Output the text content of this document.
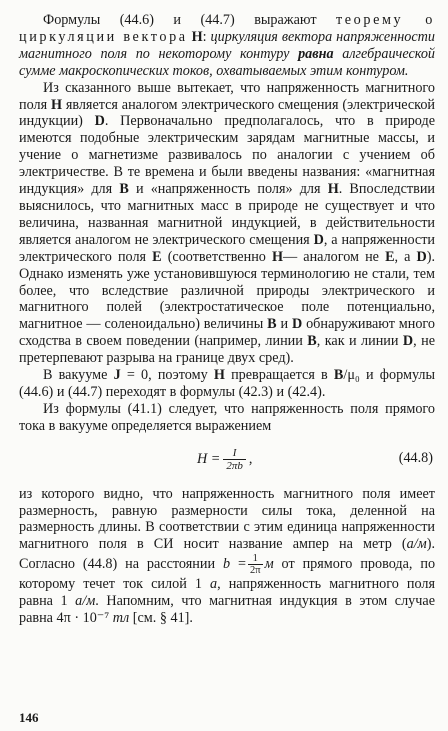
Формулы (44.6) и (44.7) выражают теорему о циркуляции вектора H: циркуляция вектора напряженности магнитного поля по некоторому контуру равна алгебраической сумме макроскопических токов, охватываемых этим контуром.

Из сказанного выше вытекает, что напряженность магнитного поля H является аналогом электрического смещения (электрической индукции) D. Первоначально предполагалось, что в природе имеются подобные электрическим зарядам магнитные массы, и учение о магнетизме развивалось по аналогии с учением об электричестве. В те времена и были введены названия: «магнитная индукция» для B и «напряженность поля» для H. Впоследствии выяснилось, что магнитных масс в природе не существует и что величина, названная магнитной индукцией, в действительности является аналогом не электрического смещения D, а напряженности электрического поля E (соответственно H— аналогом не E, а D). Однако изменять уже установившуюся терминологию не стали, тем более, что вследствие различной природы электрического и магнитного полей (электростатическое поле потенциально, магнитное — соленоидально) величины B и D обнаруживают много сходства в своем поведении (например, линии B, как и линии D, не претерпевают разрыва на границе двух сред).

В вакууме J = 0, поэтому H превращается в B/μ₀ и формулы (44.6) и (44.7) переходят в формулы (42.3) и (42.4).

Из формулы (41.1) следует, что напряженность поля прямого тока в вакууме определяется выражением

$H = \frac{I}{2\pi b}$ ,	(44.8)

из которого видно, что напряженность магнитного поля имеет размерность, равную размерности силы тока, деленной на размерность длины. В соответствии с этим единица напряженности магнитного поля в СИ носит название ампер на метр (а/м). Согласно (44.8) на расстоянии $b = \frac{1}{2\pi}$ м от прямого провода, по которому течет ток силой 1 а, напряженность магнитного поля равна 1 а/м. Напомним, что магнитная индукция в этом случае равна 4π · 10⁻⁷ тл [см. § 41].

146
